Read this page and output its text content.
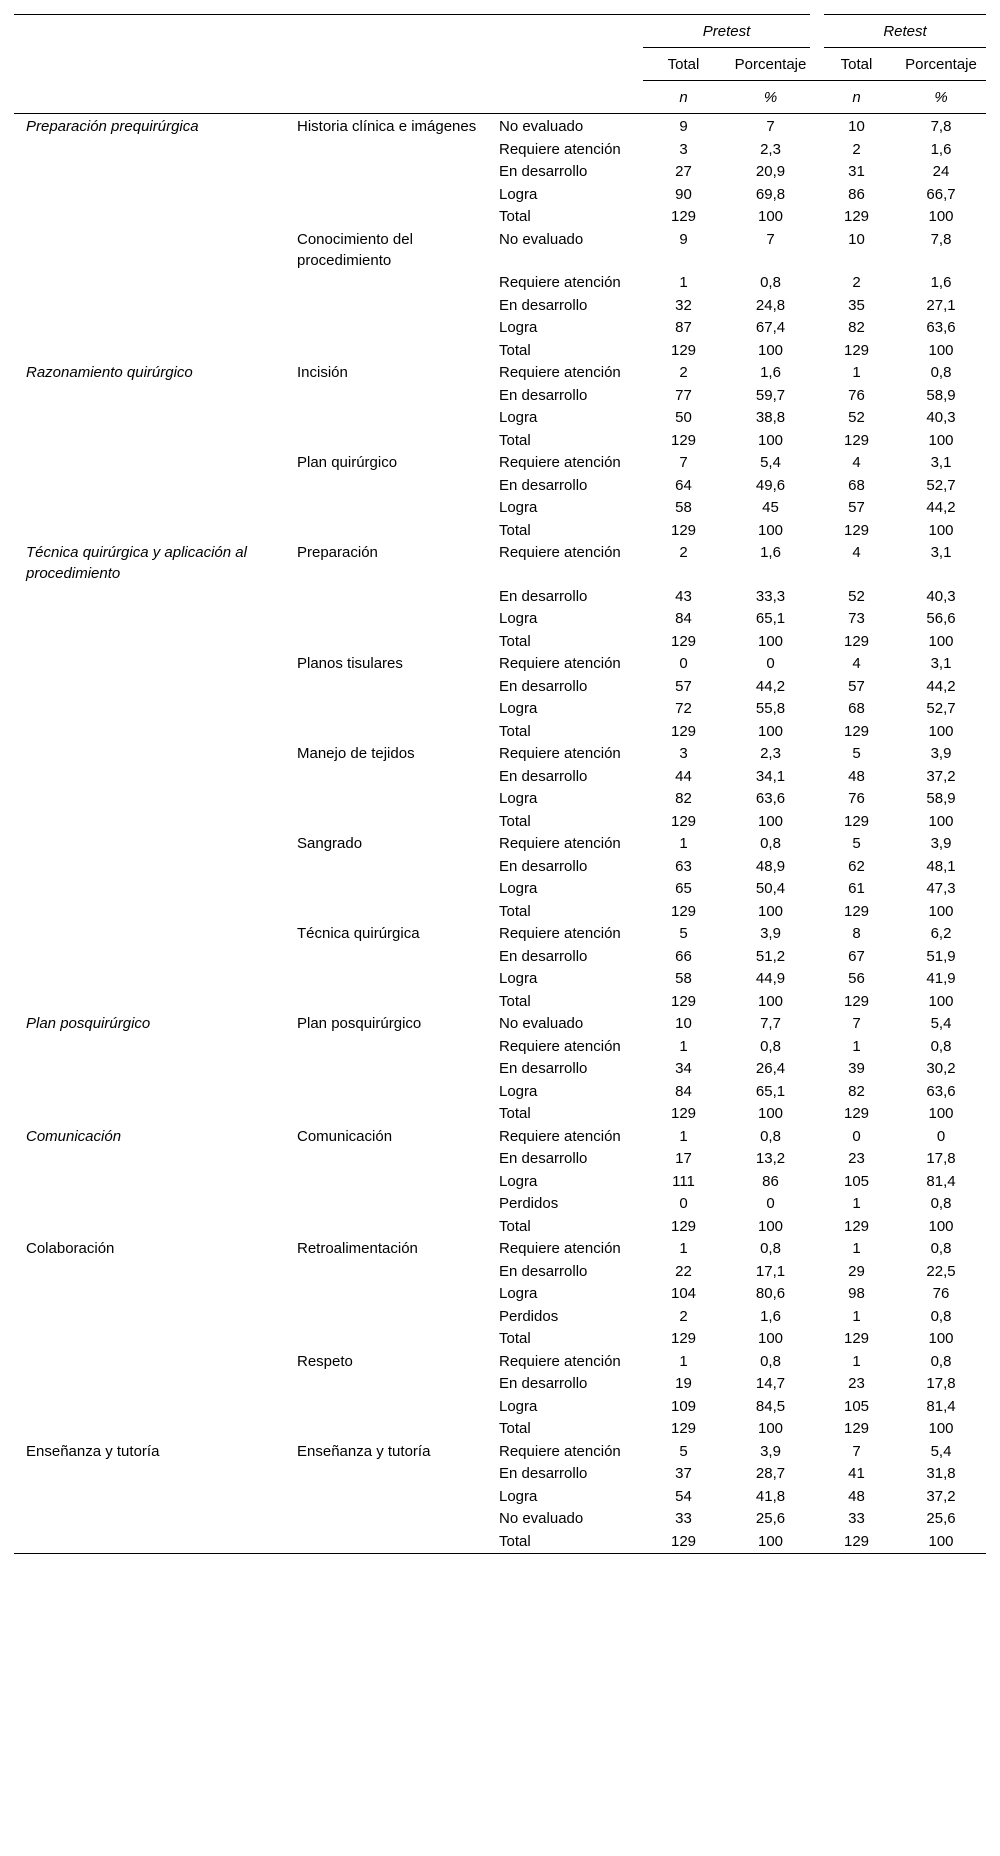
			Pretest		Retest	
			Total	Porcentaje	Total	Porcentaje
			n	%	n	%
Preparación prequirúrgica	Historia clínica e imágenes	No evaluado	9	7	10	7,8
		Requiere atención	3	2,3	2	1,6
		En desarrollo	27	20,9	31	24
		Logra	90	69,8	86	66,7
		Total	129	100	129	100
	Conocimiento del procedimiento	No evaluado	9	7	10	7,8
		Requiere atención	1	0,8	2	1,6
		En desarrollo	32	24,8	35	27,1
		Logra	87	67,4	82	63,6
		Total	129	100	129	100
Razonamiento quirúrgico	Incisión	Requiere atención	2	1,6	1	0,8
		En desarrollo	77	59,7	76	58,9
		Logra	50	38,8	52	40,3
		Total	129	100	129	100
	Plan quirúrgico	Requiere atención	7	5,4	4	3,1
		En desarrollo	64	49,6	68	52,7
		Logra	58	45	57	44,2
		Total	129	100	129	100
Técnica quirúrgica y aplicación al procedimiento	Preparación	Requiere atención	2	1,6	4	3,1
		En desarrollo	43	33,3	52	40,3
		Logra	84	65,1	73	56,6
		Total	129	100	129	100
	Planos tisulares	Requiere atención	0	0	4	3,1
		En desarrollo	57	44,2	57	44,2
		Logra	72	55,8	68	52,7
		Total	129	100	129	100
	Manejo de tejidos	Requiere atención	3	2,3	5	3,9
		En desarrollo	44	34,1	48	37,2
		Logra	82	63,6	76	58,9
		Total	129	100	129	100
	Sangrado	Requiere atención	1	0,8	5	3,9
		En desarrollo	63	48,9	62	48,1
		Logra	65	50,4	61	47,3
		Total	129	100	129	100
	Técnica quirúrgica	Requiere atención	5	3,9	8	6,2
		En desarrollo	66	51,2	67	51,9
		Logra	58	44,9	56	41,9
		Total	129	100	129	100
Plan posquirúrgico	Plan posquirúrgico	No evaluado	10	7,7	7	5,4
		Requiere atención	1	0,8	1	0,8
		En desarrollo	34	26,4	39	30,2
		Logra	84	65,1	82	63,6
		Total	129	100	129	100
Comunicación	Comunicación	Requiere atención	1	0,8	0	0
		En desarrollo	17	13,2	23	17,8
		Logra	111	86	105	81,4
		Perdidos	0	0	1	0,8
		Total	129	100	129	100
Colaboración	Retroalimentación	Requiere atención	1	0,8	1	0,8
		En desarrollo	22	17,1	29	22,5
		Logra	104	80,6	98	76
		Perdidos	2	1,6	1	0,8
		Total	129	100	129	100
	Respeto	Requiere atención	1	0,8	1	0,8
		En desarrollo	19	14,7	23	17,8
		Logra	109	84,5	105	81,4
		Total	129	100	129	100
Enseñanza y tutoría	Enseñanza y tutoría	Requiere atención	5	3,9	7	5,4
		En desarrollo	37	28,7	41	31,8
		Logra	54	41,8	48	37,2
		No evaluado	33	25,6	33	25,6
		Total	129	100	129	100
